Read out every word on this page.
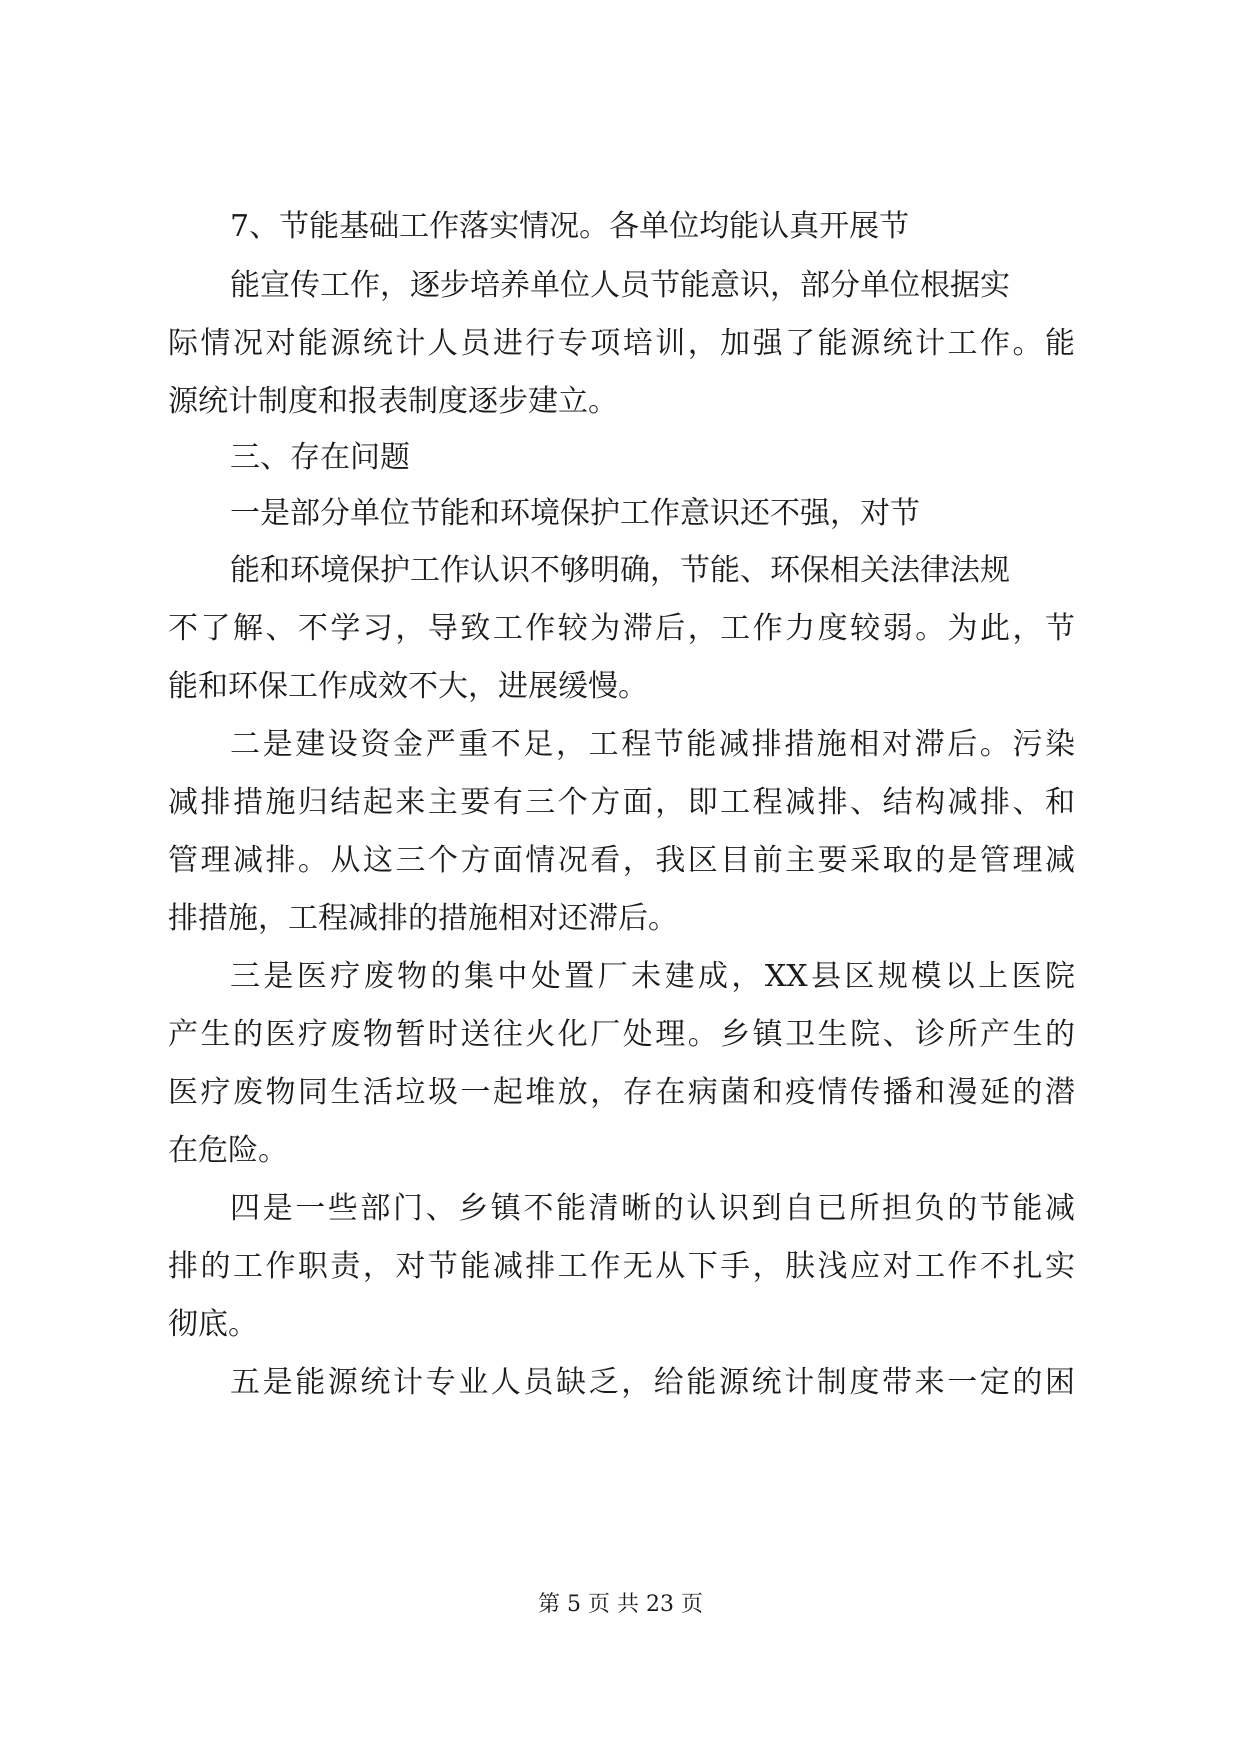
7、节能基础工作落实情况。各单位均能认真开展节

能宣传工作，逐步培养单位人员节能意识，部分单位根据实

际情况对能源统计人员进行专项培训，加强了能源统计工作。能

源统计制度和报表制度逐步建立。

三、存在问题

一是部分单位节能和环境保护工作意识还不强，对节

能和环境保护工作认识不够明确，节能、环保相关法律法规

不了解、不学习，导致工作较为滞后，工作力度较弱。为此，节

能和环保工作成效不大，进展缓慢。

二是建设资金严重不足，工程节能减排措施相对滞后。污染

减排措施归结起来主要有三个方面，即工程减排、结构减排、和

管理减排。从这三个方面情况看，我区目前主要采取的是管理减

排措施，工程减排的措施相对还滞后。

三是医疗废物的集中处置厂未建成，XX县区规模以上医院

产生的医疗废物暂时送往火化厂处理。乡镇卫生院、诊所产生的

医疗废物同生活垃圾一起堆放，存在病菌和疫情传播和漫延的潜

在危险。

四是一些部门、乡镇不能清晰的认识到自已所担负的节能减

排的工作职责，对节能减排工作无从下手，肤浅应对工作不扎实

彻底。

五是能源统计专业人员缺乏，给能源统计制度带来一定的困

第 5 页 共 23 页
